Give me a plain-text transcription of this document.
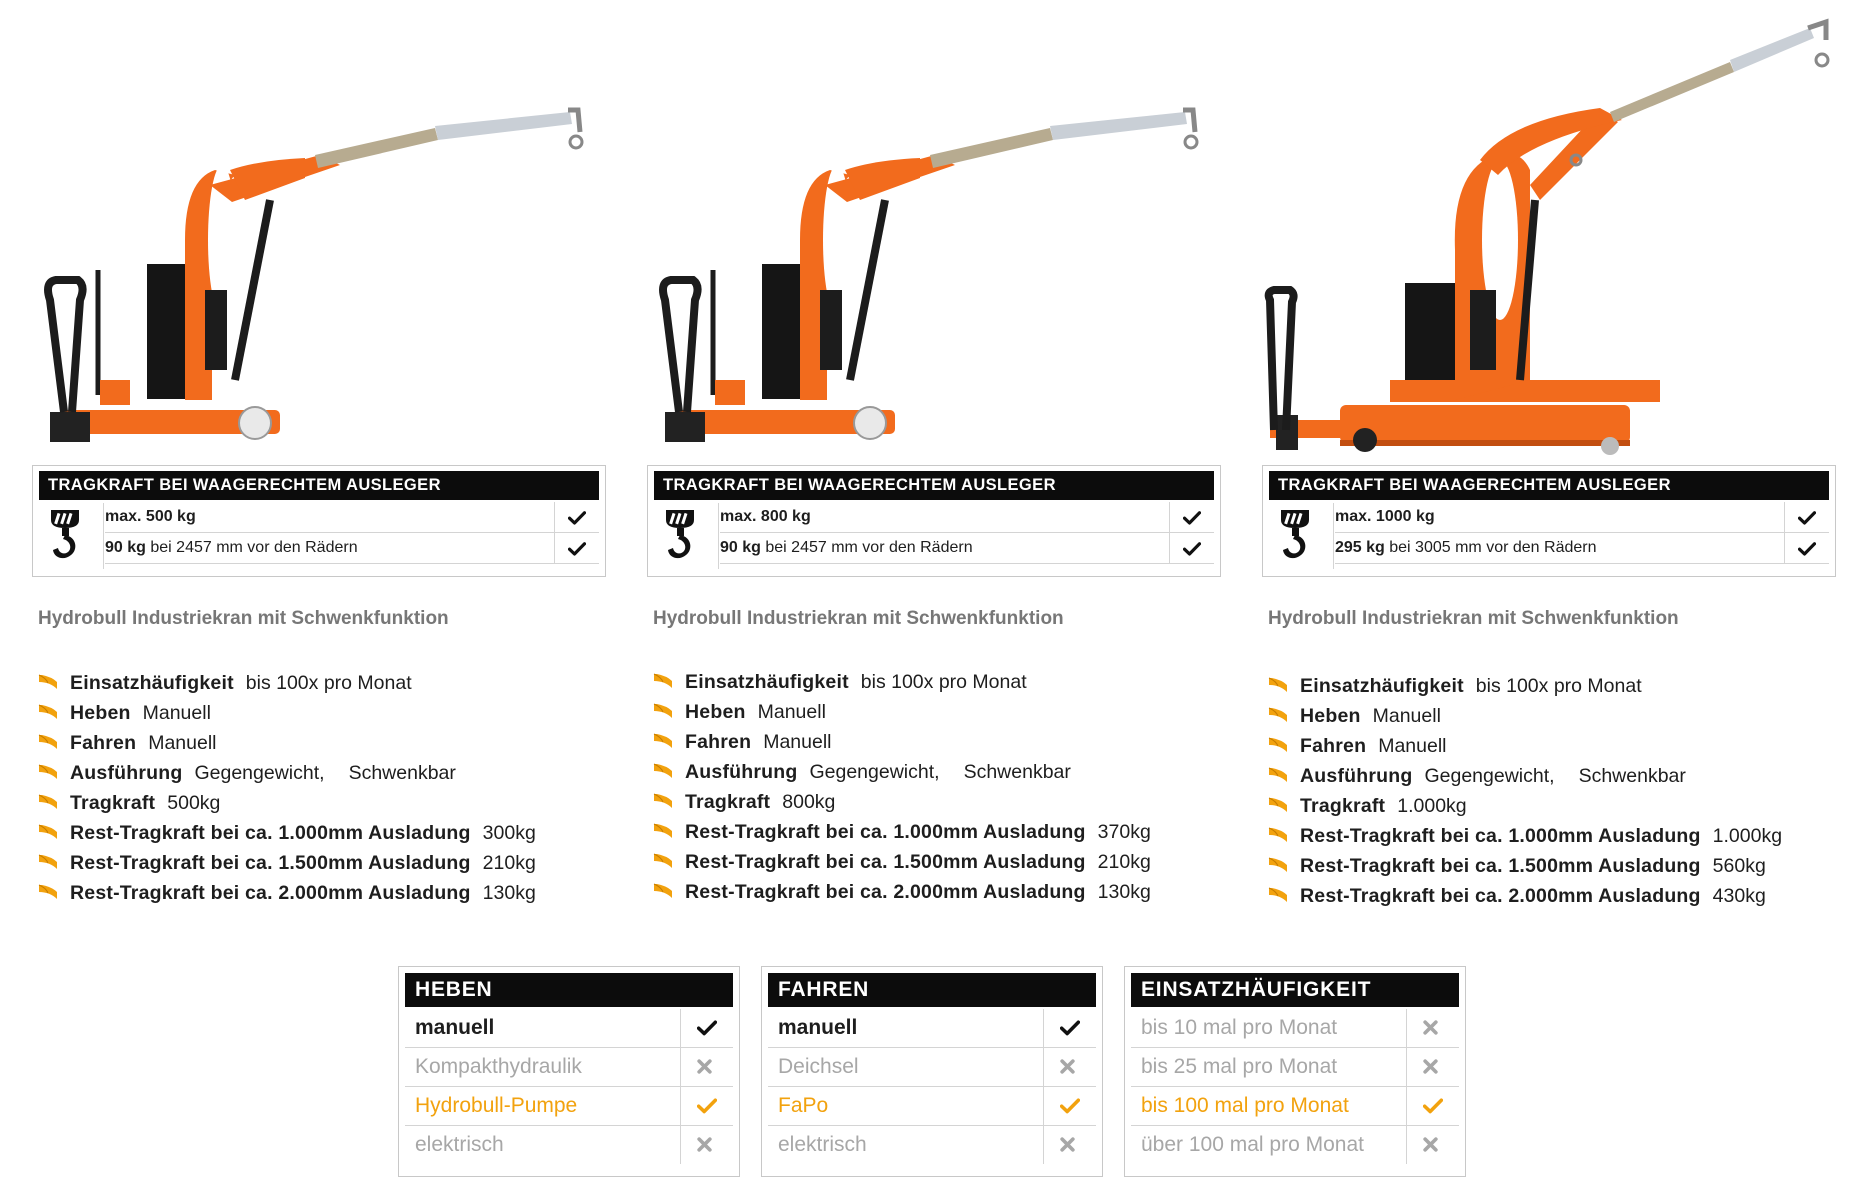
TRAGKRAFT BEI WAAGERECHTEM AUSLEGER
max. 500 kg
90 kg bei 2457 mm vor den Rädern
Hydrobull Industriekran mit Schwenkfunktion
Einsatzhäufigkeit bis 100x pro Monat
Heben Manuell
Fahren Manuell
Ausführung Gegengewicht, Schwenkbar
Tragkraft 500kg
Rest-Tragkraft bei ca. 1.000mm Ausladung 300kg
Rest-Tragkraft bei ca. 1.500mm Ausladung 210kg
Rest-Tragkraft bei ca. 2.000mm Ausladung 130kg
TRAGKRAFT BEI WAAGERECHTEM AUSLEGER
max. 800 kg
90 kg bei 2457 mm vor den Rädern
Hydrobull Industriekran mit Schwenkfunktion
Einsatzhäufigkeit bis 100x pro Monat
Heben Manuell
Fahren Manuell
Ausführung Gegengewicht, Schwenkbar
Tragkraft 800kg
Rest-Tragkraft bei ca. 1.000mm Ausladung 370kg
Rest-Tragkraft bei ca. 1.500mm Ausladung 210kg
Rest-Tragkraft bei ca. 2.000mm Ausladung 130kg
TRAGKRAFT BEI WAAGERECHTEM AUSLEGER
max. 1000 kg
295 kg bei 3005 mm vor den Rädern
Hydrobull Industriekran mit Schwenkfunktion
Einsatzhäufigkeit bis 100x pro Monat
Heben Manuell
Fahren Manuell
Ausführung Gegengewicht, Schwenkbar
Tragkraft 1.000kg
Rest-Tragkraft bei ca. 1.000mm Ausladung 1.000kg
Rest-Tragkraft bei ca. 1.500mm Ausladung 560kg
Rest-Tragkraft bei ca. 2.000mm Ausladung 430kg
HEBEN
manuell
Kompakthydraulik
Hydrobull-Pumpe
elektrisch
FAHREN
manuell
Deichsel
FaPo
elektrisch
EINSATZHÄUFIGKEIT
bis 10 mal pro Monat
bis 25 mal pro Monat
bis 100 mal pro Monat
über 100 mal pro Monat
